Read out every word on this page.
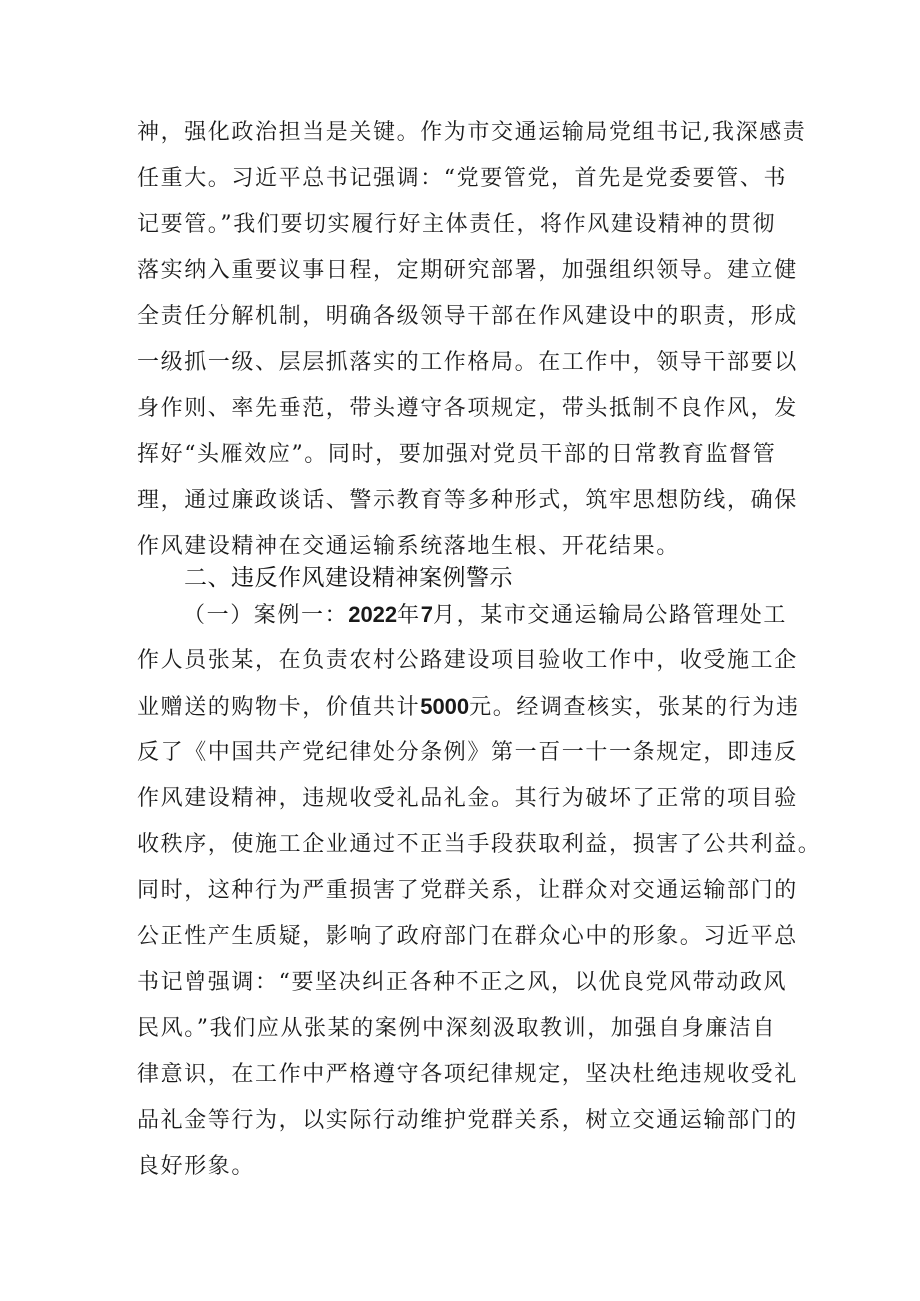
神，强化政治担当是关键。作为市交通运输局党组书记,我深感责
任重大。习近平总书记强调：“党要管党，首先是党委要管、书
记要管。”我们要切实履行好主体责任，将作风建设精神的贯彻
落实纳入重要议事日程，定期研究部署，加强组织领导。建立健
全责任分解机制，明确各级领导干部在作风建设中的职责，形成
一级抓一级、层层抓落实的工作格局。在工作中，领导干部要以
身作则、率先垂范，带头遵守各项规定，带头抵制不良作风，发
挥好“头雁效应”。同时，要加强对党员干部的日常教育监督管
理，通过廉政谈话、警示教育等多种形式，筑牢思想防线，确保
作风建设精神在交通运输系统落地生根、开花结果。
二、违反作风建设精神案例警示
（一）案例一：2022年7月，某市交通运输局公路管理处工
作人员张某，在负责农村公路建设项目验收工作中，收受施工企
业赠送的购物卡，价值共计5000元。经调查核实，张某的行为违
反了《中国共产党纪律处分条例》第一百一十一条规定，即违反
作风建设精神，违规收受礼品礼金。其行为破坏了正常的项目验
收秩序，使施工企业通过不正当手段获取利益，损害了公共利益。
同时，这种行为严重损害了党群关系，让群众对交通运输部门的
公正性产生质疑，影响了政府部门在群众心中的形象。习近平总
书记曾强调：“要坚决纠正各种不正之风，以优良党风带动政风
民风。”我们应从张某的案例中深刻汲取教训，加强自身廉洁自
律意识，在工作中严格遵守各项纪律规定，坚决杜绝违规收受礼
品礼金等行为，以实际行动维护党群关系，树立交通运输部门的
良好形象。
